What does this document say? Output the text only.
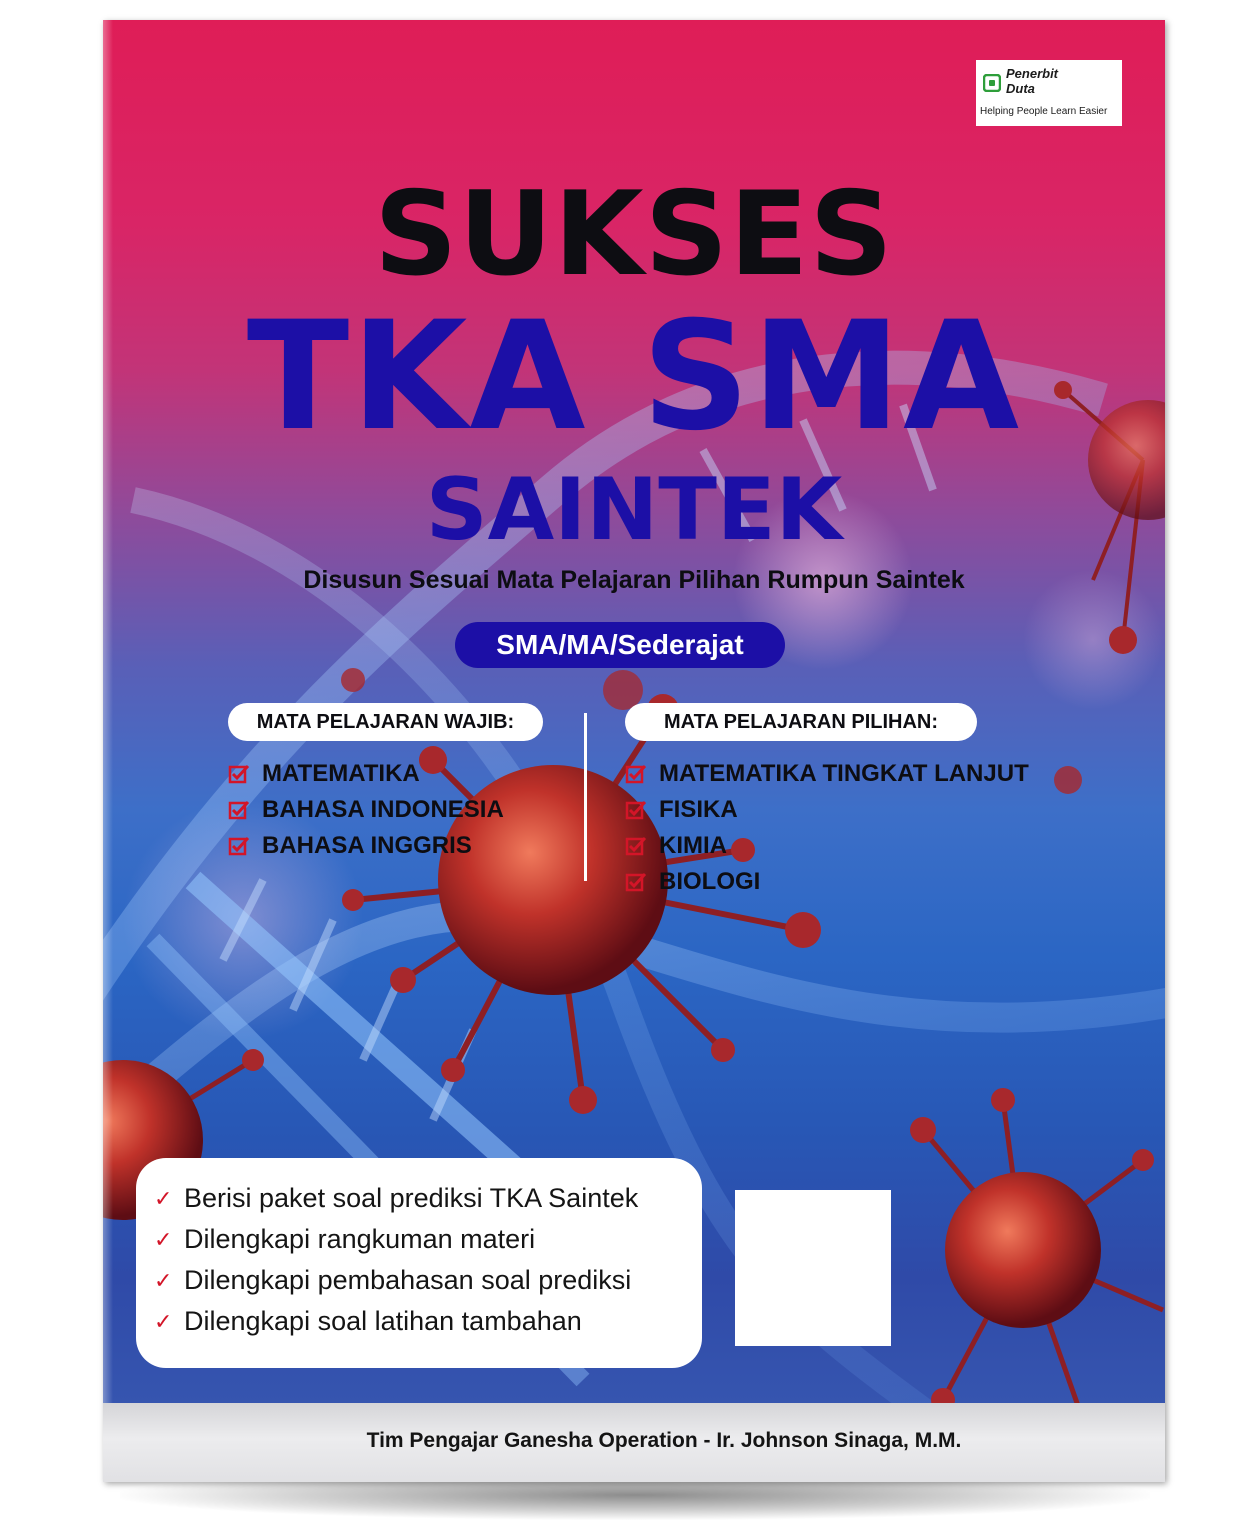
Penerbit
Duta
Helping People Learn Easier
SUKSES
TKA SMA
SAINTEK
Disusun Sesuai Mata Pelajaran Pilihan Rumpun Saintek
SMA/MA/Sederajat
MATA PELAJARAN WAJIB:	MATA PELAJARAN PILIHAN:
MATEMATIKA
BAHASA INDONESIA
BAHASA INGGRIS
MATEMATIKA TINGKAT LANJUT
FISIKA
KIMIA
BIOLOGI
✓ Berisi paket soal prediksi TKA Saintek
✓ Dilengkapi rangkuman materi
✓ Dilengkapi pembahasan soal prediksi
✓ Dilengkapi soal latihan tambahan
Tim Pengajar Ganesha Operation - Ir. Johnson Sinaga, M.M.
